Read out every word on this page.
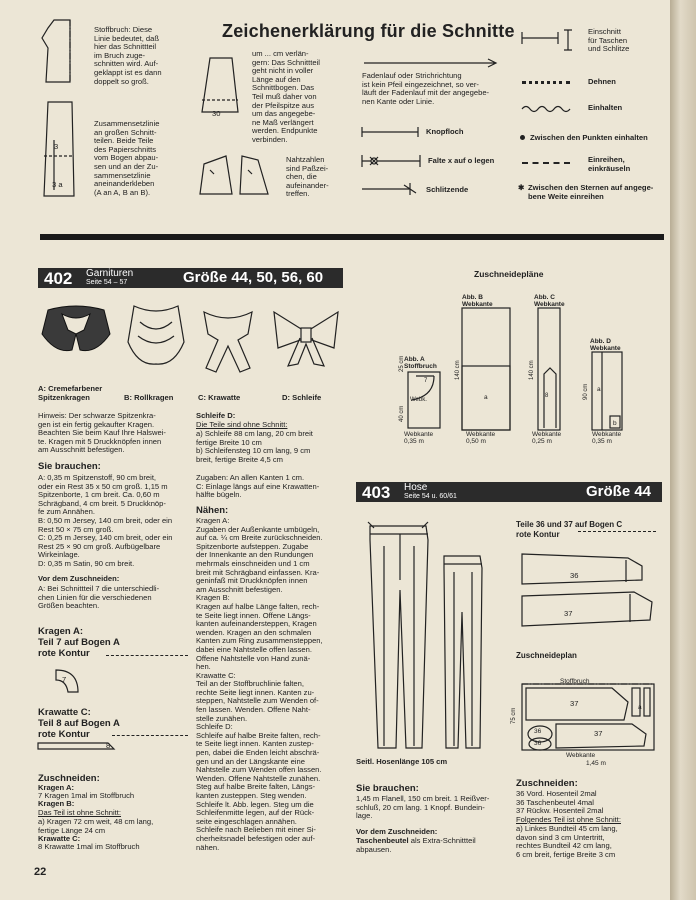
Zeichenerklärung für die Schnitte
Stoffbruch: Diese
Linie bedeutet, daß
hier das Schnittteil
im Bruch zuge-
schnitten wird. Auf-
geklappt ist es dann
doppelt so groß.
3
3 a
Zusammensetzlinie
an großen Schnitt-
teilen. Beide Teile
des Papierschnitts
vom Bogen abpau-
sen und an der Zu-
sammensetzlinie
aneinanderkleben
(A an A, B an B).
30
um ... cm verlän-
gern: Das Schnittteil
geht nicht in voller
Länge auf den
Schnittbogen. Das
Teil muß daher von
der Pfeilspitze aus
um das angegebe-
ne Maß verlängert
werden. Endpunkte
verbinden.
Nahtzahlen
sind Paßzei-
chen, die
aufeinander-
treffen.
Fadenlauf oder Strichrichtung
ist kein Pfeil eingezeichnet, so ver-
läuft der Fadenlauf mit der angegebe-
nen Kante oder Linie.
Knopfloch
Falte x auf o legen
Schlitzende
Einschnitt
für Taschen
und Schlitze
Dehnen
Einhalten
Zwischen den Punkten einhalten
Einreihen,
einkräuseln
✱ Zwischen den Sternen auf angege-
bene Weite einreihen
402 Garnituren
Seite 54 – 57	Größe 44, 50, 56, 60
A: Cremefarbener
Spitzenkragen	B: Rollkragen	C: Krawatte	D: Schleife
Hinweis: Der schwarze Spitzenkra-
gen ist ein fertig gekaufter Kragen.
Beachten Sie beim Kauf Ihre Halswei-
te. Kragen mit 5 Druckknöpfen innen
am Ausschnitt befestigen.
Sie brauchen:
A: 0,35 m Spitzenstoff, 90 cm breit,
oder ein Rest 35 x 50 cm groß. 1,15 m
Spitzenborte, 1 cm breit. Ca. 0,60 m
Schrägband, 4 cm breit. 5 Druckknöp-
fe zum Annähen.
B: 0,50 m Jersey, 140 cm breit, oder ein
Rest 50 × 75 cm groß.
C: 0,25 m Jersey, 140 cm breit, oder ein
Rest 25 × 90 cm groß. Aufbügelbare
Wirkeinlage.
D: 0,35 m Satin, 90 cm breit.
Vor dem Zuschneiden:
A: Bei Schnittteil 7 die unterschiedli-
chen Linien für die verschiedenen
Größen beachten.
Kragen A:
Teil 7 auf Bogen A
rote Kontur
7
Krawatte C:
Teil 8 auf Bogen A
rote Kontur
8
Zuschneiden:
Kragen A:
7 Kragen 1mal im Stoffbruch
Kragen B:
Das Teil ist ohne Schnitt:
a) Kragen 72 cm weit, 48 cm lang,
fertige Länge 24 cm
Krawatte C:
8 Krawatte 1mal im Stoffbruch
Schleife D:
Die Teile sind ohne Schnitt:
a) Schleife 88 cm lang, 20 cm breit
fertige Breite 10 cm
b) Schleifensteg 10 cm lang, 9 cm
breit, fertige Breite 4,5 cm
Zugaben: An allen Kanten 1 cm.
C: Einlage längs auf eine Krawatten-
hälfte bügeln.
Nähen:
Kragen A:
Zugaben der Außenkante umbügeln,
auf ca. ¼ cm Breite zurückschneiden.
Spitzenborte aufsteppen. Zugabe
der Innenkante an den Rundungen
mehrmals einschneiden und 1 cm
breit mit Schrägband einfassen. Kra-
geninfaß mit Druckknöpfen innen
am Ausschnitt befestigen.
Kragen B:
Kragen auf halbe Länge falten, rech-
te Seite liegt innen. Offene Längs-
kanten aufeinandersteppen, Kragen
wenden. Kragen an den schmalen
Kanten zum Ring zusammensteppen,
dabei eine Nahtstelle offen lassen.
Offene Nahtstelle von Hand zunä-
hen.
Krawatte C:
Teil an der Stoffbruchlinie falten,
rechte Seite liegt innen. Kanten zu-
steppen, Nahtstelle zum Wenden of-
fen lassen. Wenden. Offene Naht-
stelle zunähen.
Schleife D:
Schleife auf halbe Breite falten, rech-
te Seite liegt innen. Kanten zustep-
pen, dabei die Enden leicht abschrä-
gen und an der Längskante eine
Nahtstelle zum Wenden offen lassen.
Wenden. Offene Nahtstelle zunähen.
Steg auf halbe Breite falten, Längs-
kanten zusteppen. Steg wenden.
Schleife lt. Abb. legen. Steg um die
Schleifenmitte legen, auf der Rück-
seite eingeschlagen annähen.
Schleife nach Belieben mit einer Si-
cherheitsnadel befestigen oder auf-
nähen.
Zuschneidepläne
Abb. A
Stoffbruch
7
Webk.
25 cm
40 cm
Webkante
0,35 m
Abb. B
Webkante
a
140 cm
Webkante
0,50 m
Abb. C
Webkante
8
140 cm
Webkante
0,25 m
Abb. D
Webkante
a
b
90 cm
Webkante
0,35 m
403 Hose
Seite 54 u. 60/61	Größe 44
Seitl. Hosenlänge 105 cm
Teile 36 und 37 auf Bogen C
rote Kontur
36
37
Zuschneideplan
Stoffbruch
a
37
37
36
36
75 cm
Webkante
1,45 m
Sie brauchen:
1,45 m Flanell, 150 cm breit. 1 Reißver-
schluß, 20 cm lang. 1 Knopf. Bundein-
lage.
Vor dem Zuschneiden:
Taschenbeutel als Extra-Schnittteil
abpausen.
Zuschneiden:
36 Vord. Hosenteil 2mal
36 Taschenbeutel 4mal
37 Rückw. Hosenteil 2mal
Folgendes Teil ist ohne Schnitt:
a) Linkes Bundteil 45 cm lang,
davon sind 3 cm Untertritt,
rechtes Bundteil 42 cm lang,
6 cm breit, fertige Breite 3 cm
22
